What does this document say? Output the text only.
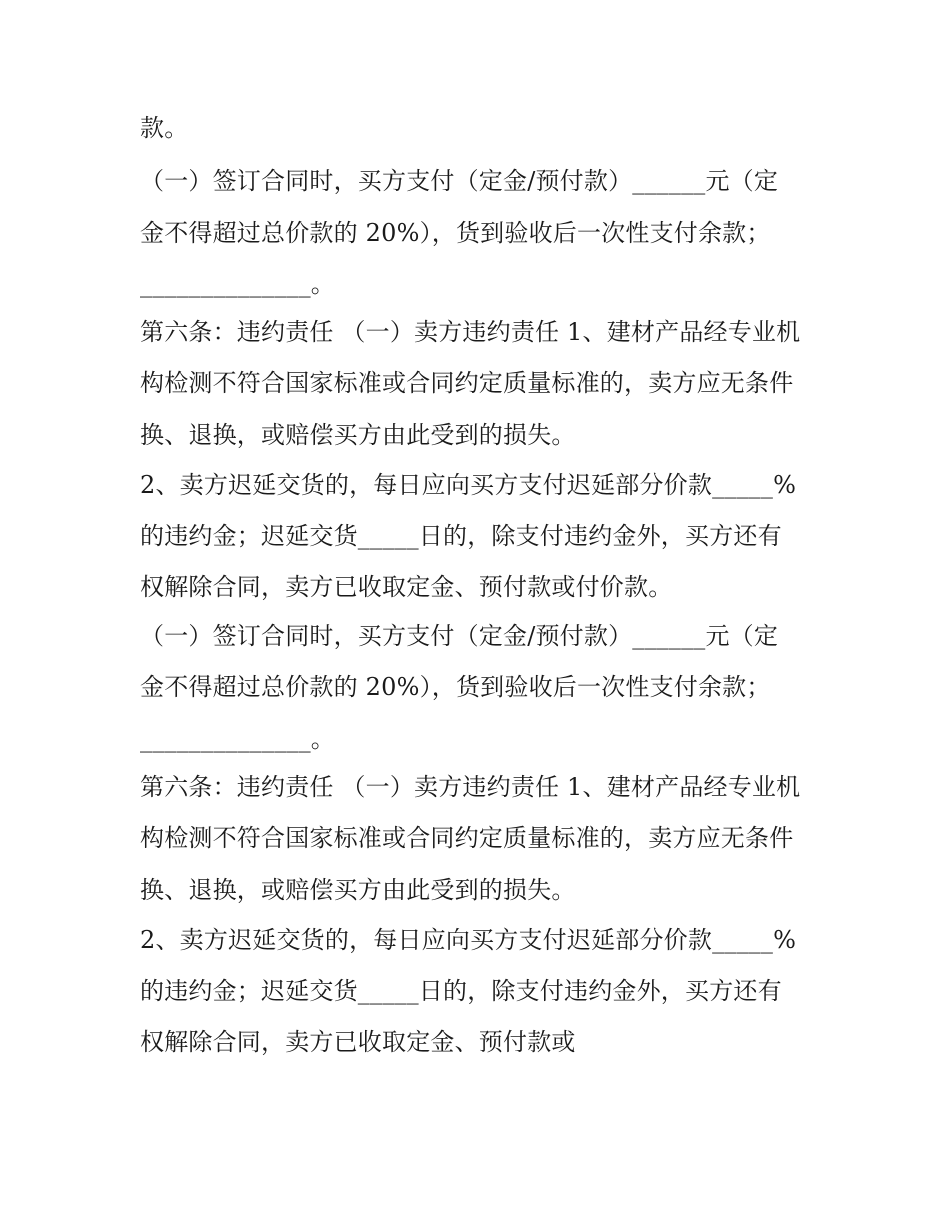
款。
（一）签订合同时，买方支付（定金/预付款）______元（定
金不得超过总价款的 20%），货到验收后一次性支付余款；
______________。
第六条：违约责任 （一）卖方违约责任 1、建材产品经专业机
构检测不符合国家标准或合同约定质量标准的，卖方应无条件
换、退换，或赔偿买方由此受到的损失。
2、卖方迟延交货的，每日应向买方支付迟延部分价款_____%
的违约金；迟延交货_____日的，除支付违约金外，买方还有
权解除合同，卖方已收取定金、预付款或付价款。
（一）签订合同时，买方支付（定金/预付款）______元（定
金不得超过总价款的 20%），货到验收后一次性支付余款；
______________。
第六条：违约责任 （一）卖方违约责任 1、建材产品经专业机
构检测不符合国家标准或合同约定质量标准的，卖方应无条件
换、退换，或赔偿买方由此受到的损失。
2、卖方迟延交货的，每日应向买方支付迟延部分价款_____%
的违约金；迟延交货_____日的，除支付违约金外，买方还有
权解除合同，卖方已收取定金、预付款或
